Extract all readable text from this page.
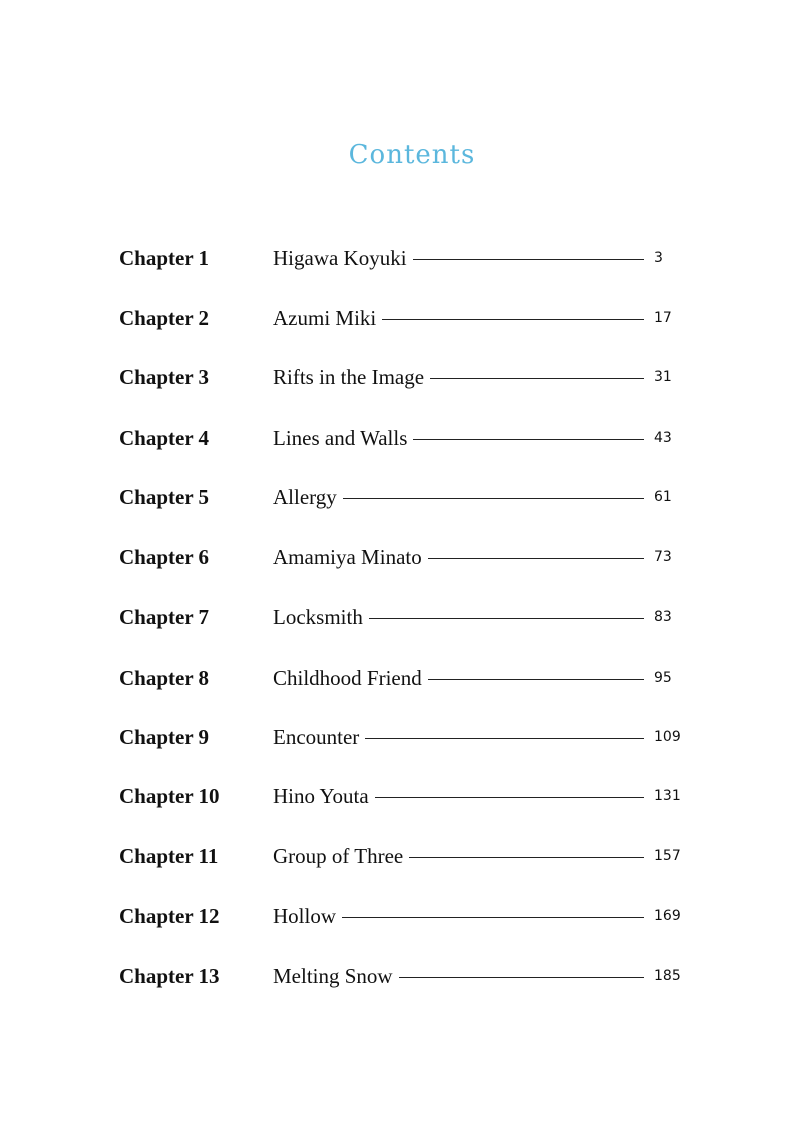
Contents
Chapter 1	Higawa Koyuki	3
Chapter 2	Azumi Miki	17
Chapter 3	Rifts in the Image	31
Chapter 4	Lines and Walls	43
Chapter 5	Allergy	61
Chapter 6	Amamiya Minato	73
Chapter 7	Locksmith	83
Chapter 8	Childhood Friend	95
Chapter 9	Encounter	109
Chapter 10	Hino Youta	131
Chapter 11	Group of Three	157
Chapter 12	Hollow	169
Chapter 13	Melting Snow	185
